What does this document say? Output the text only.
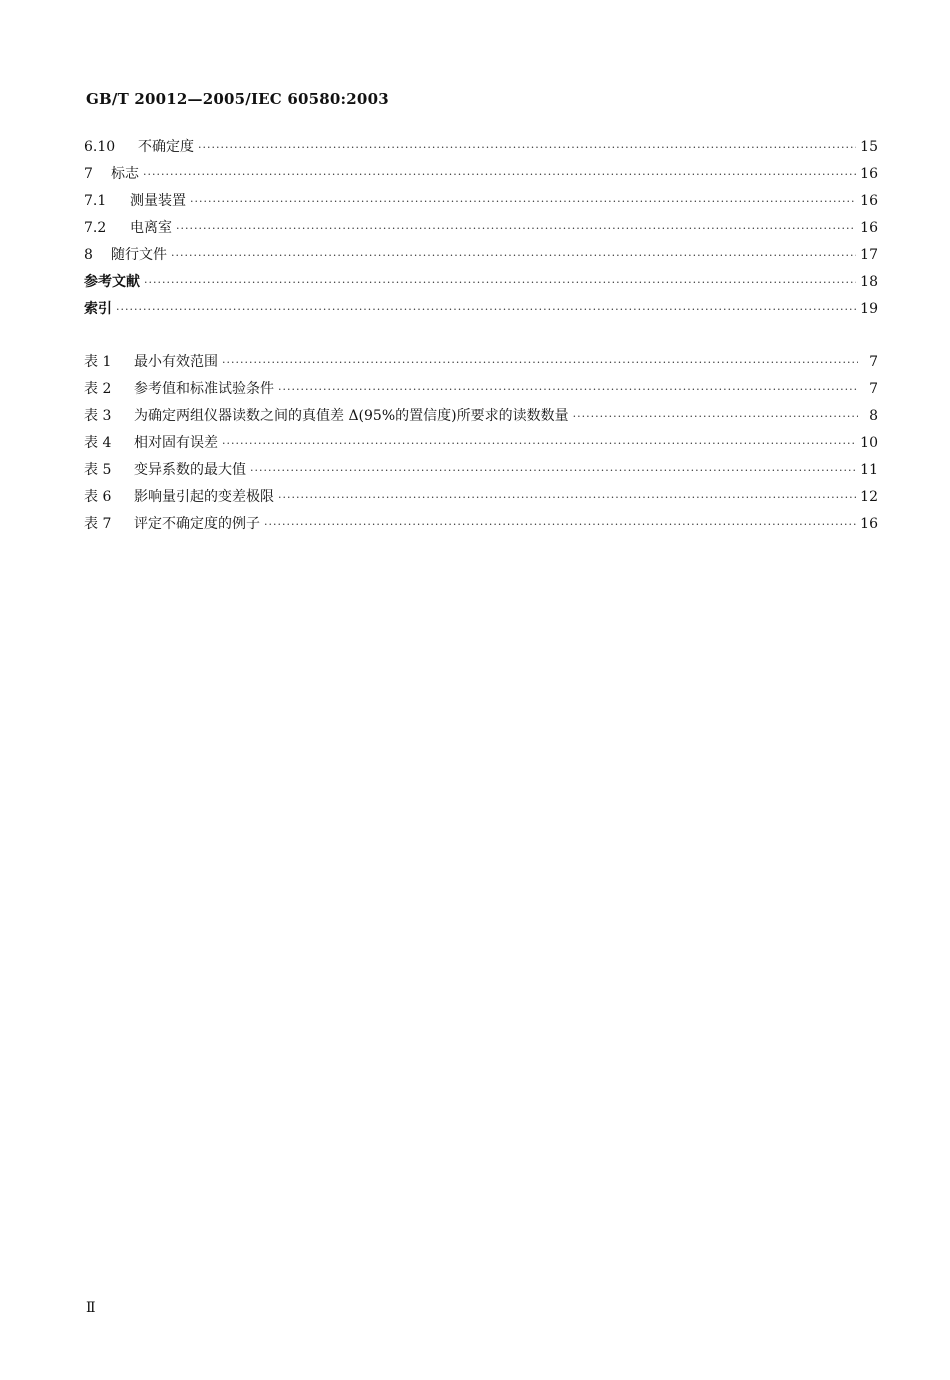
GB/T 20012—2005/IEC 60580:2003
6.10	不确定度 ·····	15
7	标志 ·····	16
7.1	测量装置 ·····	16
7.2	电离室 ·····	16
8	随行文件 ·····	17
参考文献 ·····	18
索引 ·····	19
表 1	最小有效范围 ·····	7
表 2	参考值和标准试验条件 ·····	7
表 3	为确定两组仪器读数之间的真值差 Δ(95%的置信度)所要求的读数数量 ·····	8
表 4	相对固有误差 ·····	10
表 5	变异系数的最大值 ·····	11
表 6	影响量引起的变差极限 ·····	12
表 7	评定不确定度的例子 ·····	16
Ⅱ
